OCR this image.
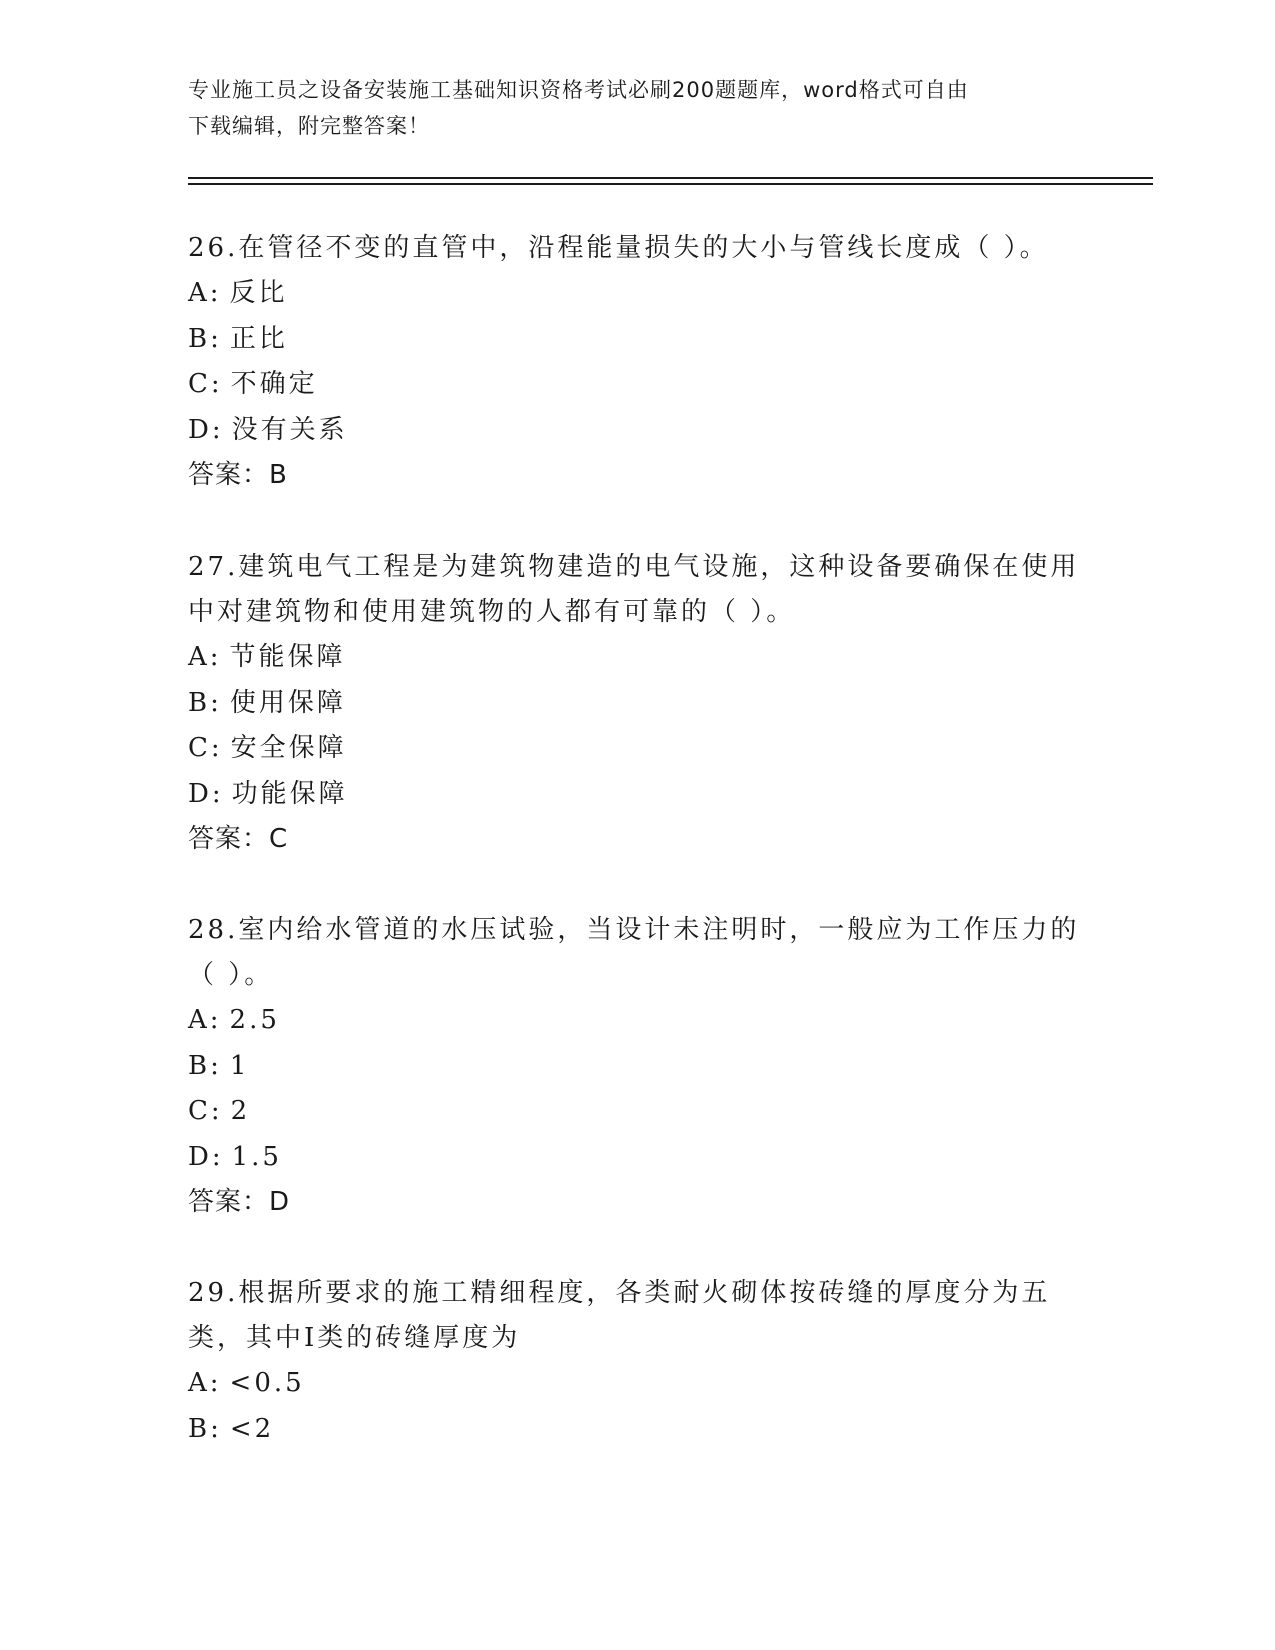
专业施工员之设备安装施工基础知识资格考试必刷200题题库，word格式可自由
下载编辑，附完整答案！

26.在管径不变的直管中，沿程能量损失的大小与管线长度成（ ）。

A: 反比
B: 正比
C: 不确定
D: 没有关系
答案：B

27.建筑电气工程是为建筑物建造的电气设施，这种设备要确保在使用中对建筑物和使用建筑物的人都有可靠的（ ）。

A: 节能保障
B: 使用保障
C: 安全保障
D: 功能保障
答案：C

28.室内给水管道的水压试验，当设计未注明时，一般应为工作压力的（ ）。

A: 2.5
B: 1
C: 2
D: 1.5
答案：D

29.根据所要求的施工精细程度，各类耐火砌体按砖缝的厚度分为五类，其中Ⅰ类的砖缝厚度为

A: <0.5
B: <2
